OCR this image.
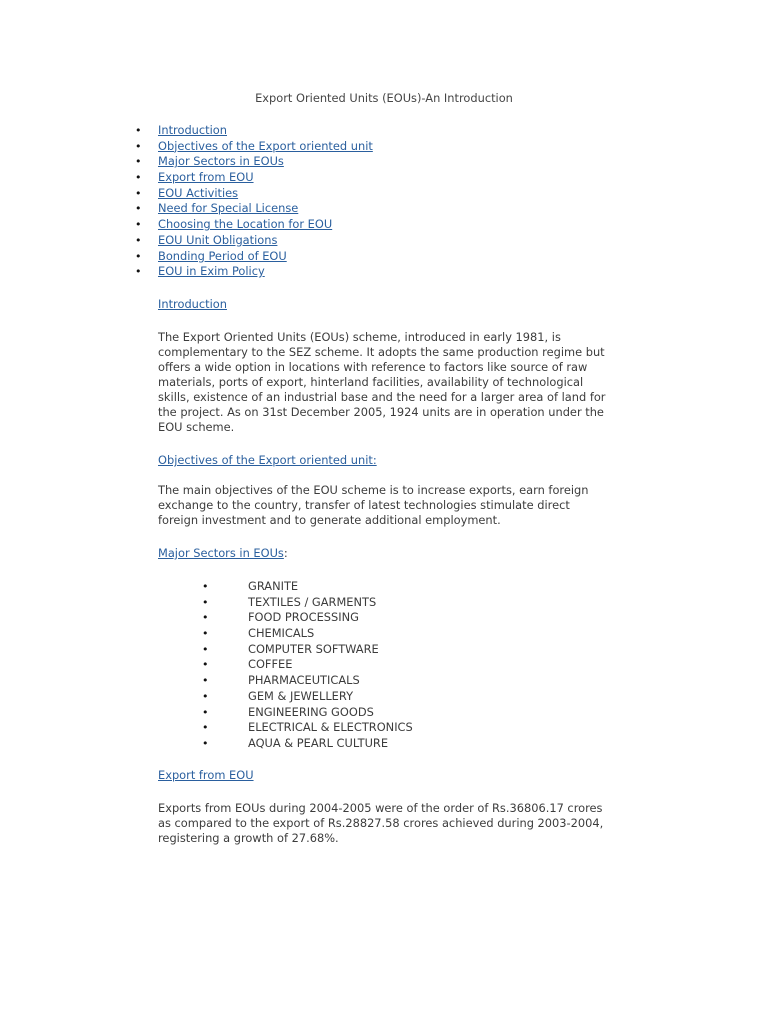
Export Oriented Units (EOUs)-An Introduction
• Introduction
• Objectives of the Export oriented unit
• Major Sectors in EOUs
• Export from EOU
• EOU Activities
• Need for Special License
• Choosing the Location for EOU
• EOU Unit Obligations
• Bonding Period of EOU
• EOU in Exim Policy
Introduction
The Export Oriented Units (EOUs) scheme, introduced in early 1981, is complementary to the SEZ scheme. It adopts the same production regime but offers a wide option in locations with reference to factors like source of raw materials, ports of export, hinterland facilities, availability of technological skills, existence of an industrial base and the need for a larger area of land for the project. As on 31st December 2005, 1924 units are in operation under the EOU scheme.
Objectives of the Export oriented unit:
The main objectives of the EOU scheme is to increase exports, earn foreign exchange to the country, transfer of latest technologies stimulate direct foreign investment and to generate additional employment.
Major Sectors in EOUs:
•	GRANITE
•	TEXTILES / GARMENTS
•	FOOD PROCESSING
•	CHEMICALS
•	COMPUTER SOFTWARE
•	COFFEE
•	PHARMACEUTICALS
•	GEM & JEWELLERY
•	ENGINEERING GOODS
•	ELECTRICAL & ELECTRONICS
•	AQUA & PEARL CULTURE
Export from EOU
Exports from EOUs during 2004-2005 were of the order of Rs.36806.17 crores as compared to the export of Rs.28827.58 crores achieved during 2003-2004, registering a growth of 27.68%.
